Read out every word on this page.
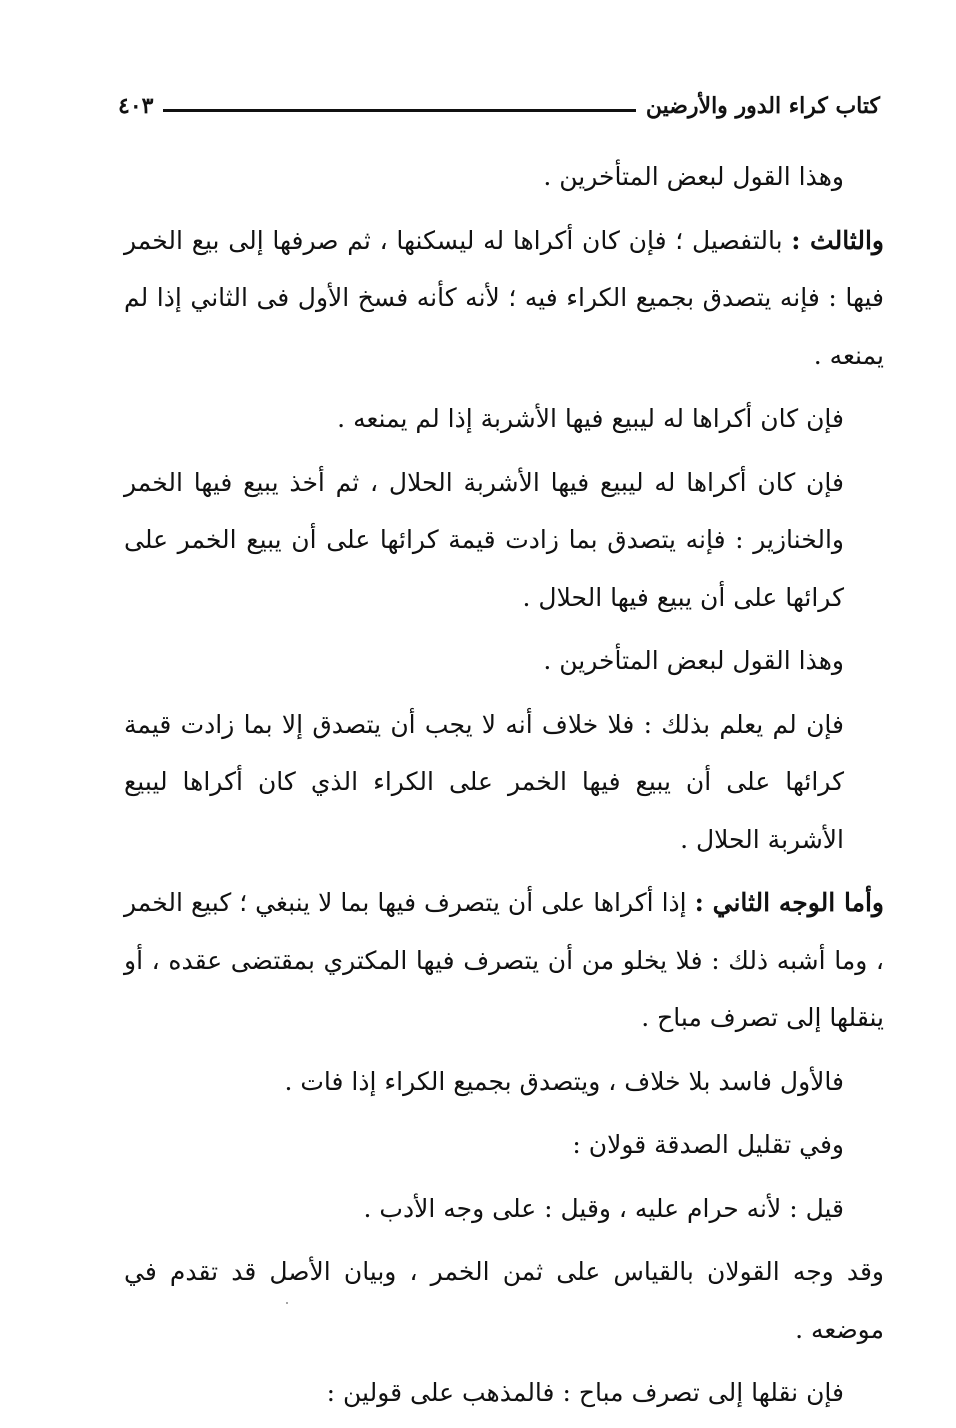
كتاب كراء الدور والأرضين
٤٠٣

وهذا القول لبعض المتأخرين .

والثالث : بالتفصيل ؛ فإن كان أكراها له ليسكنها ، ثم صرفها إلى بيع الخمر فيها : فإنه يتصدق بجميع الكراء فيه ؛ لأنه كأنه فسخ الأول فى الثاني إذا لم يمنعه .

فإن كان أكراها له ليبيع فيها الأشربة إذا لم يمنعه .

فإن كان أكراها له ليبيع فيها الأشربة الحلال ، ثم أخذ يبيع فيها الخمر والخنازير : فإنه يتصدق بما زادت قيمة كرائها على أن يبيع الخمر على كرائها على أن يبيع فيها الحلال .

وهذا القول لبعض المتأخرين .

فإن لم يعلم بذلك : فلا خلاف أنه لا يجب أن يتصدق إلا بما زادت قيمة كرائها على أن يبيع فيها الخمر على الكراء الذي كان أكراها ليبيع الأشربة الحلال .

وأما الوجه الثاني : إذا أكراها على أن يتصرف فيها بما لا ينبغي ؛ كبيع الخمر ، وما أشبه ذلك : فلا يخلو من أن يتصرف فيها المكتري بمقتضى عقده ، أو ينقلها إلى تصرف مباح .

فالأول فاسد بلا خلاف ، ويتصدق بجميع الكراء إذا فات .

وفي تقليل الصدقة قولان :

قيل : لأنه حرام عليه ، وقيل : على وجه الأدب .

وقد وجه القولان بالقياس على ثمن الخمر ، وبيان الأصل قد تقدم في موضعه .

فإن نقلها إلى تصرف مباح : فالمذهب على قولين :
